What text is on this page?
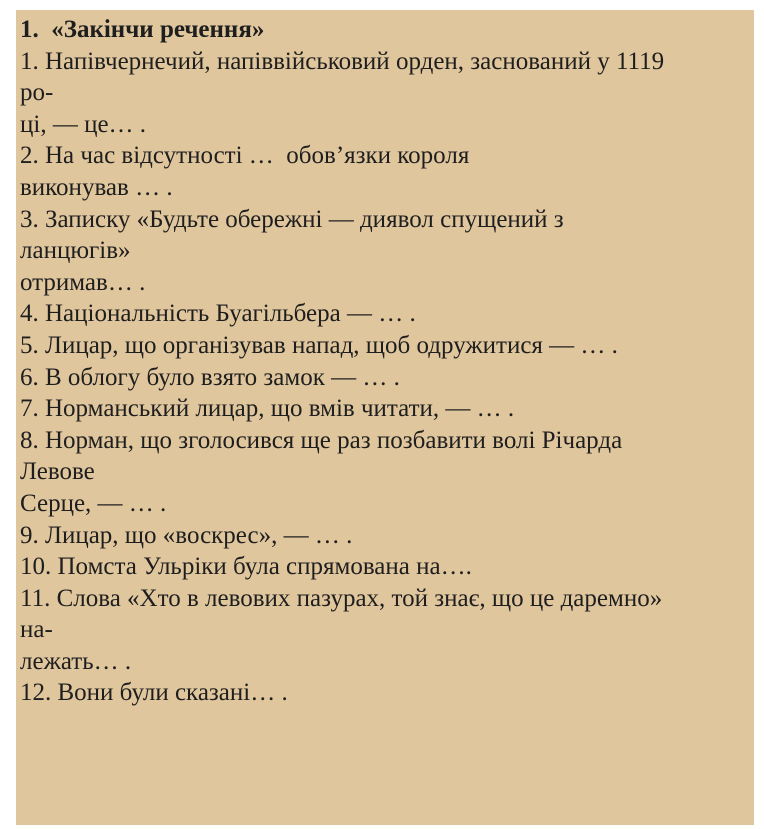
1.  «Закінчи речення»
1. Напівчернечий, напіввійськовий орден, заснований у 1119
ро-
ці, — це… .
2. На час відсутності …  обов’язки короля
виконував … .
3. Записку «Будьте обережні — диявол спущений з
ланцюгів»
отримав… .
4. Національність Буагільбера — … .
5. Лицар, що організував напад, щоб одружитися — … .
6. В облогу було взято замок — … .
7. Норманський лицар, що вмів читати, — … .
8. Норман, що зголосився ще раз позбавити волі Річарда
Левове
Серце, — … .
9. Лицар, що «воскрес», — … .
10. Помста Ульріки була спрямована на….
11. Слова «Хто в левових пазурах, той знає, що це даремно»
на-
лежать… .
12. Вони були сказані… .
